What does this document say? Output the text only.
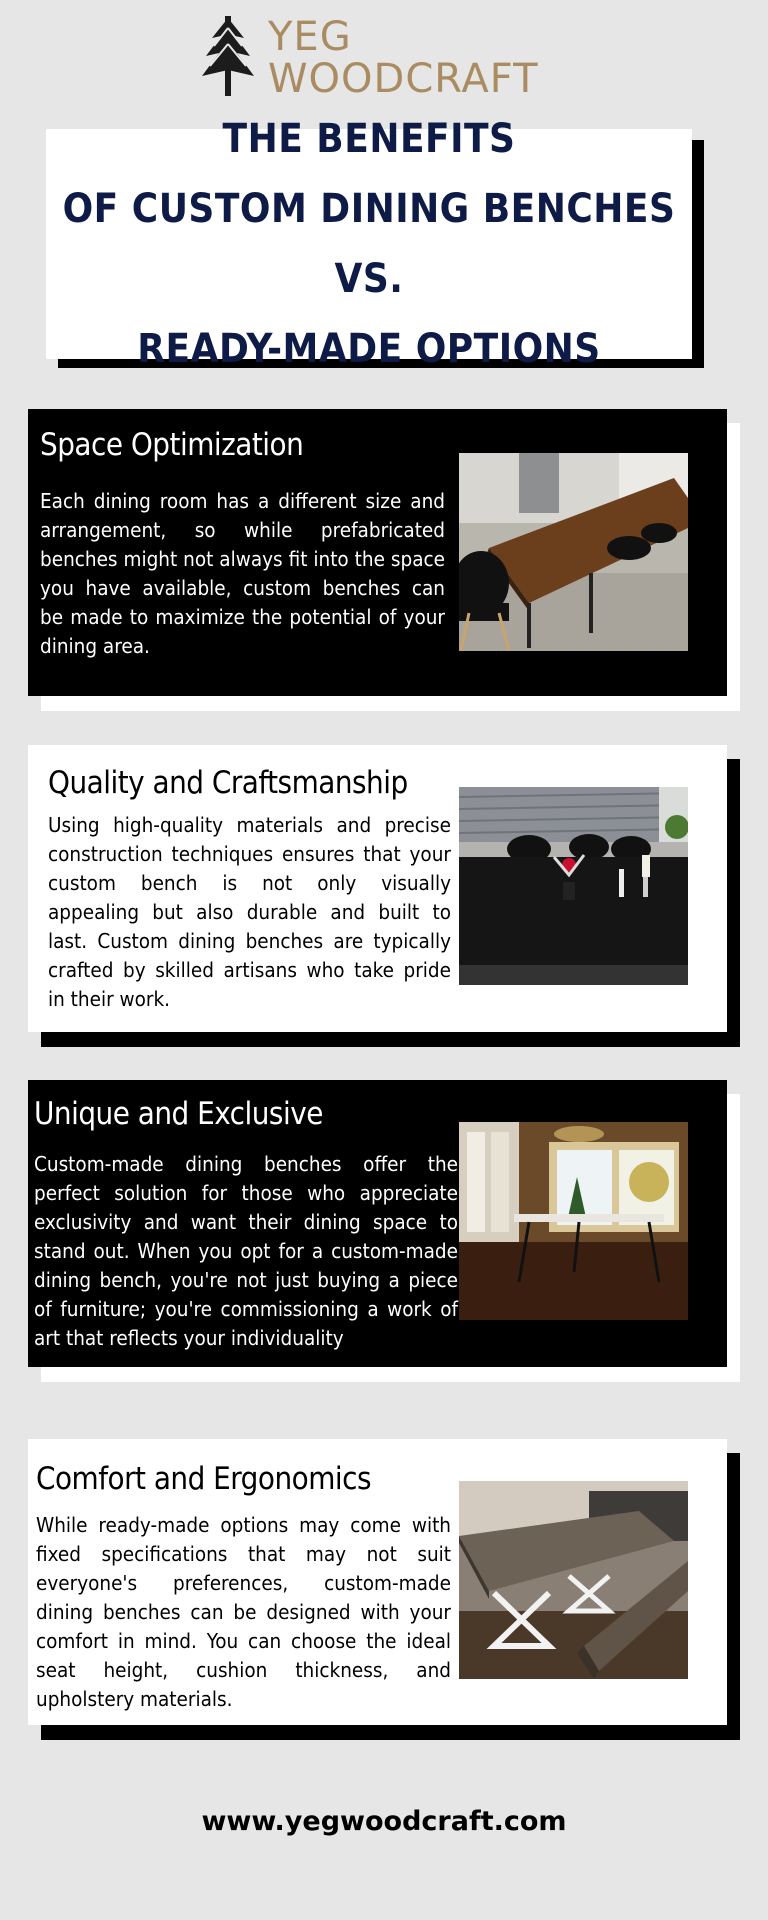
YEG
WOODCRAFT
THE BENEFITS
OF CUSTOM DINING BENCHES VS.
READY-MADE OPTIONS
Space Optimization
Each dining room has a different size and arrangement, so while prefabricated benches might not always fit into the space you have available, custom benches can be made to maximize the potential of your dining area.
Quality and Craftsmanship
Using high-quality materials and precise construction techniques ensures that your custom bench is not only visually appealing but also durable and built to last. Custom dining benches are typically crafted by skilled artisans who take pride in their work.
Unique and Exclusive
Custom-made dining benches offer the perfect solution for those who appreciate exclusivity and want their dining space to stand out. When you opt for a custom-made dining bench, you're not just buying a piece of furniture; you're commissioning a work of art that reflects your individuality
Comfort and Ergonomics
While ready-made options may come with fixed specifications that may not suit everyone's preferences, custom-made dining benches can be designed with your comfort in mind. You can choose the ideal seat height, cushion thickness, and upholstery materials.
www.yegwoodcraft.com
